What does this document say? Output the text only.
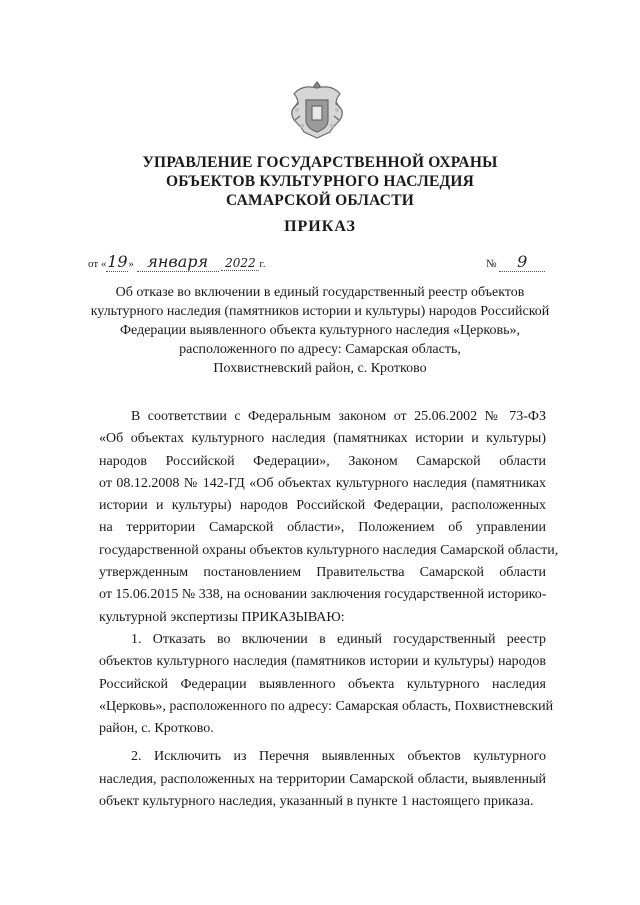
УПРАВЛЕНИЕ ГОСУДАРСТВЕННОЙ ОХРАНЫ
ОБЪЕКТОВ КУЛЬТУРНОГО НАСЛЕДИЯ
САМАРСКОЙ ОБЛАСТИ
ПРИКАЗ
от «19» января 2022 г.	№ 9
Об отказе во включении в единый государственный реестр объектов
культурного наследия (памятников истории и культуры) народов Российской
Федерации выявленного объекта культурного наследия «Церковь»,
расположенного по адресу: Самарская область,
Похвистневский район, с. Кротково
В соответствии с Федеральным законом от 25.06.2002 № 73-ФЗ
«Об объектах культурного наследия (памятниках истории и культуры)
народов Российской Федерации», Законом Самарской области
от 08.12.2008 № 142-ГД «Об объектах культурного наследия (памятниках
истории и культуры) народов Российской Федерации, расположенных
на территории Самарской области», Положением об управлении
государственной охраны объектов культурного наследия Самарской области,
утвержденным постановлением Правительства Самарской области
от 15.06.2015 № 338, на основании заключения государственной историко-
культурной экспертизы ПРИКАЗЫВАЮ:
1. Отказать во включении в единый государственный реестр
объектов культурного наследия (памятников истории и культуры) народов
Российской Федерации выявленного объекта культурного наследия
«Церковь», расположенного по адресу: Самарская область, Похвистневский
район, с. Кротково.
2. Исключить из Перечня выявленных объектов культурного
наследия, расположенных на территории Самарской области, выявленный
объект культурного наследия, указанный в пункте 1 настоящего приказа.
